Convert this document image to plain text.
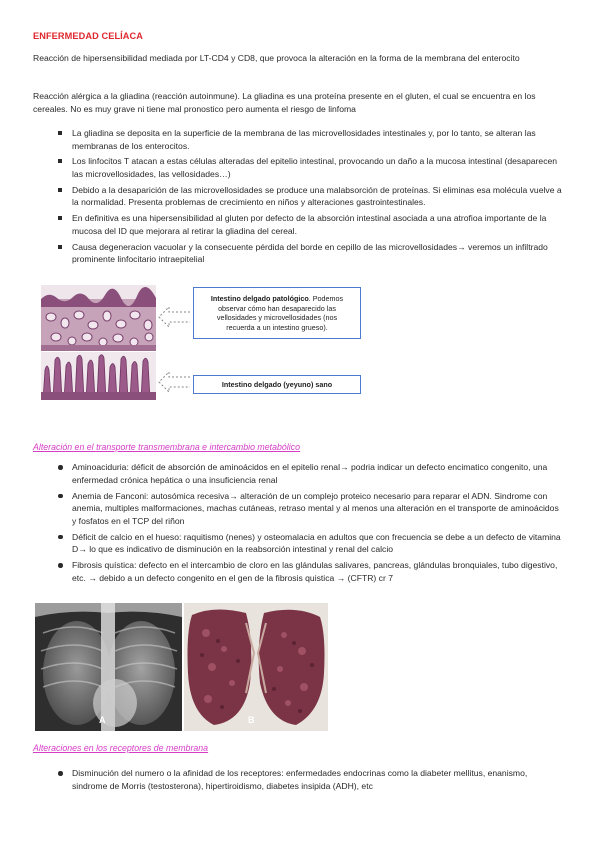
ENFERMEDAD CELÍACA
Reacción de hipersensibilidad mediada por LT-CD4 y CD8, que provoca la alteración en la forma de la membrana del enterocito
Reacción alérgica a la gliadina (reacción autoinmune). La gliadina es una proteína presente en el gluten, el cual se encuentra en los cereales. No es muy grave ni tiene mal pronostico pero aumenta el riesgo de linfoma
La gliadina se deposita en la superficie de la membrana de las microvellosidades intestinales y, por lo tanto, se alteran las membranas de los enterocitos.
Los linfocitos T atacan a estas células alteradas del epitelio intestinal, provocando un daño a la mucosa intestinal (desaparecen las microvellosidades, las vellosidades…)
Debido a la desaparición de las microvellosidades se produce una malabsorción de proteínas. Si eliminas esa molécula vuelve a la normalidad. Presenta problemas de crecimiento en niños y alteraciones gastrointestinales.
En definitiva es una hipersensibilidad al gluten por defecto de la absorción intestinal asociada a una atrofioa importante de la mucosa del ID que mejorara al retirar la gliadina del cereal.
Causa degeneracion vacuolar y la consecuente pérdida del borde en cepillo de las microvellosidades→ veremos un infiltrado prominente linfocitario intraepitelial
Intestino delgado patológico. Podemos observar cómo han desaparecido las vellosidades y microvellosidades (nos recuerda a un intestino grueso).
Intestino delgado (yeyuno) sano
Alteración en el transporte transmembrana e intercambio metabólico
Aminoaciduria: déficit de absorción de aminoácidos en el epitelio renal→ podria indicar un defecto encimatico congenito, una enfermedad crónica hepática o una insuficiencia renal
Anemia de Fanconi: autosómica recesiva→ alteración de un complejo proteico necesario para reparar el ADN. Sindrome con anemia, multiples malformaciones, machas cutáneas, retraso mental y al menos una alteración en el transporte de aminoácidos y fosfatos en el TCP del riñon
Déficit de calcio en el hueso: raquitismo (nenes) y osteomalacia en adultos que con frecuencia se debe a un defecto de vitamina D→ lo que es indicativo de disminución en la reabsorción intestinal y renal del calcio
Fibrosis quística: defecto en el intercambio de cloro en las glándulas salivares, pancreas, glándulas bronquiales, tubo digestivo, etc. → debido a un defecto congenito en el gen de la fibrosis quistica → (CFTR) cr 7
A	B
Alteraciones en los receptores de membrana
Disminución del numero o la afinidad de los receptores: enfermedades endocrinas como la diabeter mellitus, enanismo, sindrome de Morris (testosterona), hipertiroidismo, diabetes insipida (ADH), etc
